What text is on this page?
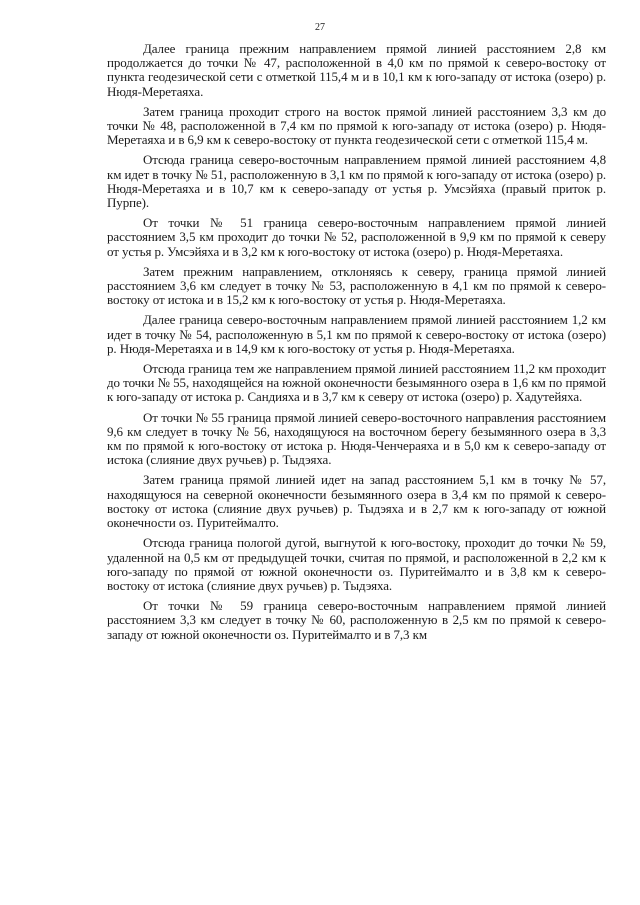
27

Далее граница прежним направлением прямой линией расстоянием 2,8 км продолжается до точки № 47, расположенной в 4,0 км по прямой к северо-востоку от пункта геодезической сети с отметкой 115,4 м и в 10,1 км к юго-западу от истока (озеро) р. Нюдя-Меретаяха.

Затем граница проходит строго на восток прямой линией расстоянием 3,3 км до точки № 48, расположенной в 7,4 км по прямой к юго-западу от истока (озеро) р. Нюдя-Меретаяха и в 6,9 км к северо-востоку от пункта геодезической сети с отметкой 115,4 м.

Отсюда граница северо-восточным направлением прямой линией расстоянием 4,8 км идет в точку № 51, расположенную в 3,1 км по прямой к юго-западу от истока (озеро) р. Нюдя-Меретаяха и в 10,7 км к северо-западу от устья р. Умсэйяха (правый приток р. Пурпе).

От точки № 51 граница северо-восточным направлением прямой линией расстоянием 3,5 км проходит до точки № 52, расположенной в 9,9 км по прямой к северу от устья р. Умсэйяха и в 3,2 км к юго-востоку от истока (озеро) р. Нюдя-Меретаяха.

Затем прежним направлением, отклоняясь к северу, граница прямой линией расстоянием 3,6 км следует в точку № 53, расположенную в 4,1 км по прямой к северо-востоку от истока и в 15,2 км к юго-востоку от устья р. Нюдя-Меретаяха.

Далее граница северо-восточным направлением прямой линией расстоянием 1,2 км идет в точку № 54, расположенную в 5,1 км по прямой к северо-востоку от истока (озеро) р. Нюдя-Меретаяха и в 14,9 км к юго-востоку от устья р. Нюдя-Меретаяха.

Отсюда граница тем же направлением прямой линией расстоянием 11,2 км проходит до точки № 55, находящейся на южной оконечности безымянного озера в 1,6 км по прямой к юго-западу от истока р. Сандияха и в 3,7 км к северу от истока (озеро) р. Хадутейяха.

От точки № 55 граница прямой линией северо-восточного направления расстоянием 9,6 км следует в точку № 56, находящуюся на восточном берегу безымянного озера в 3,3 км по прямой к юго-востоку от истока р. Нюдя-Ченчераяха и в 5,0 км к северо-западу от истока (слияние двух ручьев) р. Тыдэяха.

Затем граница прямой линией идет на запад расстоянием 5,1 км в точку № 57, находящуюся на северной оконечности безымянного озера в 3,4 км по прямой к северо-востоку от истока (слияние двух ручьев) р. Тыдэяха и в 2,7 км к юго-западу от южной оконечности оз. Пуритеймалто.

Отсюда граница пологой дугой, выгнутой к юго-востоку, проходит до точки № 59, удаленной на 0,5 км от предыдущей точки, считая по прямой, и расположенной в 2,2 км к юго-западу по прямой от южной оконечности оз. Пуритеймалто и в 3,8 км к северо-востоку от истока (слияние двух ручьев) р. Тыдэяха.

От точки № 59 граница северо-восточным направлением прямой линией расстоянием 3,3 км следует в точку № 60, расположенную в 2,5 км по прямой к северо-западу от южной оконечности оз. Пуритеймалто и в 7,3 км
